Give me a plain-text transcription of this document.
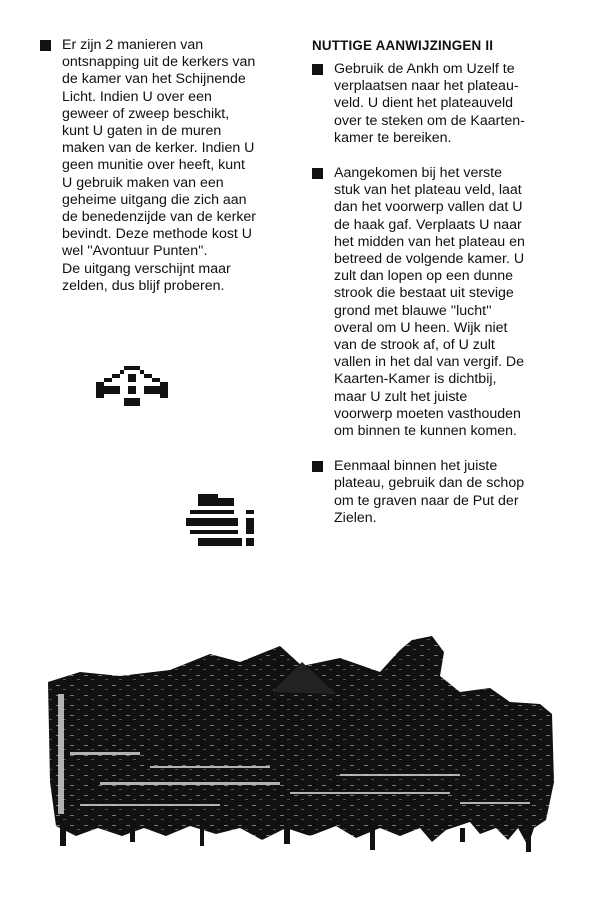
Er zijn 2 manieren van
ontsnapping uit de kerkers van
de kamer van het Schijnende
Licht. Indien U over een
geweer of zweep beschikt,
kunt U gaten in de muren
maken van de kerker. Indien U
geen munitie over heeft, kunt
U gebruik maken van een
geheime uitgang die zich aan
de benedenzijde van de kerker
bevindt. Deze methode kost U
wel ''Avontuur Punten''.
De uitgang verschijnt maar
zelden, dus blijf proberen.
NUTTIGE AANWIJZINGEN II
Gebruik de Ankh om Uzelf te
verplaatsen naar het plateau-
veld. U dient het plateauveld
over te steken om de Kaarten-
kamer te bereiken.
Aangekomen bij het verste
stuk van het plateau veld, laat
dan het voorwerp vallen dat U
de haak gaf. Verplaats U naar
het midden van het plateau en
betreed de volgende kamer. U
zult dan lopen op een dunne
strook die bestaat uit stevige
grond met blauwe ''lucht''
overal om U heen. Wijk niet
van de strook af, of U zult
vallen in het dal van vergif. De
Kaarten-Kamer is dichtbij,
maar U zult het juiste
voorwerp moeten vasthouden
om binnen te kunnen komen.
Eenmaal binnen het juiste
plateau, gebruik dan de schop
om te graven naar de Put der
Zielen.
